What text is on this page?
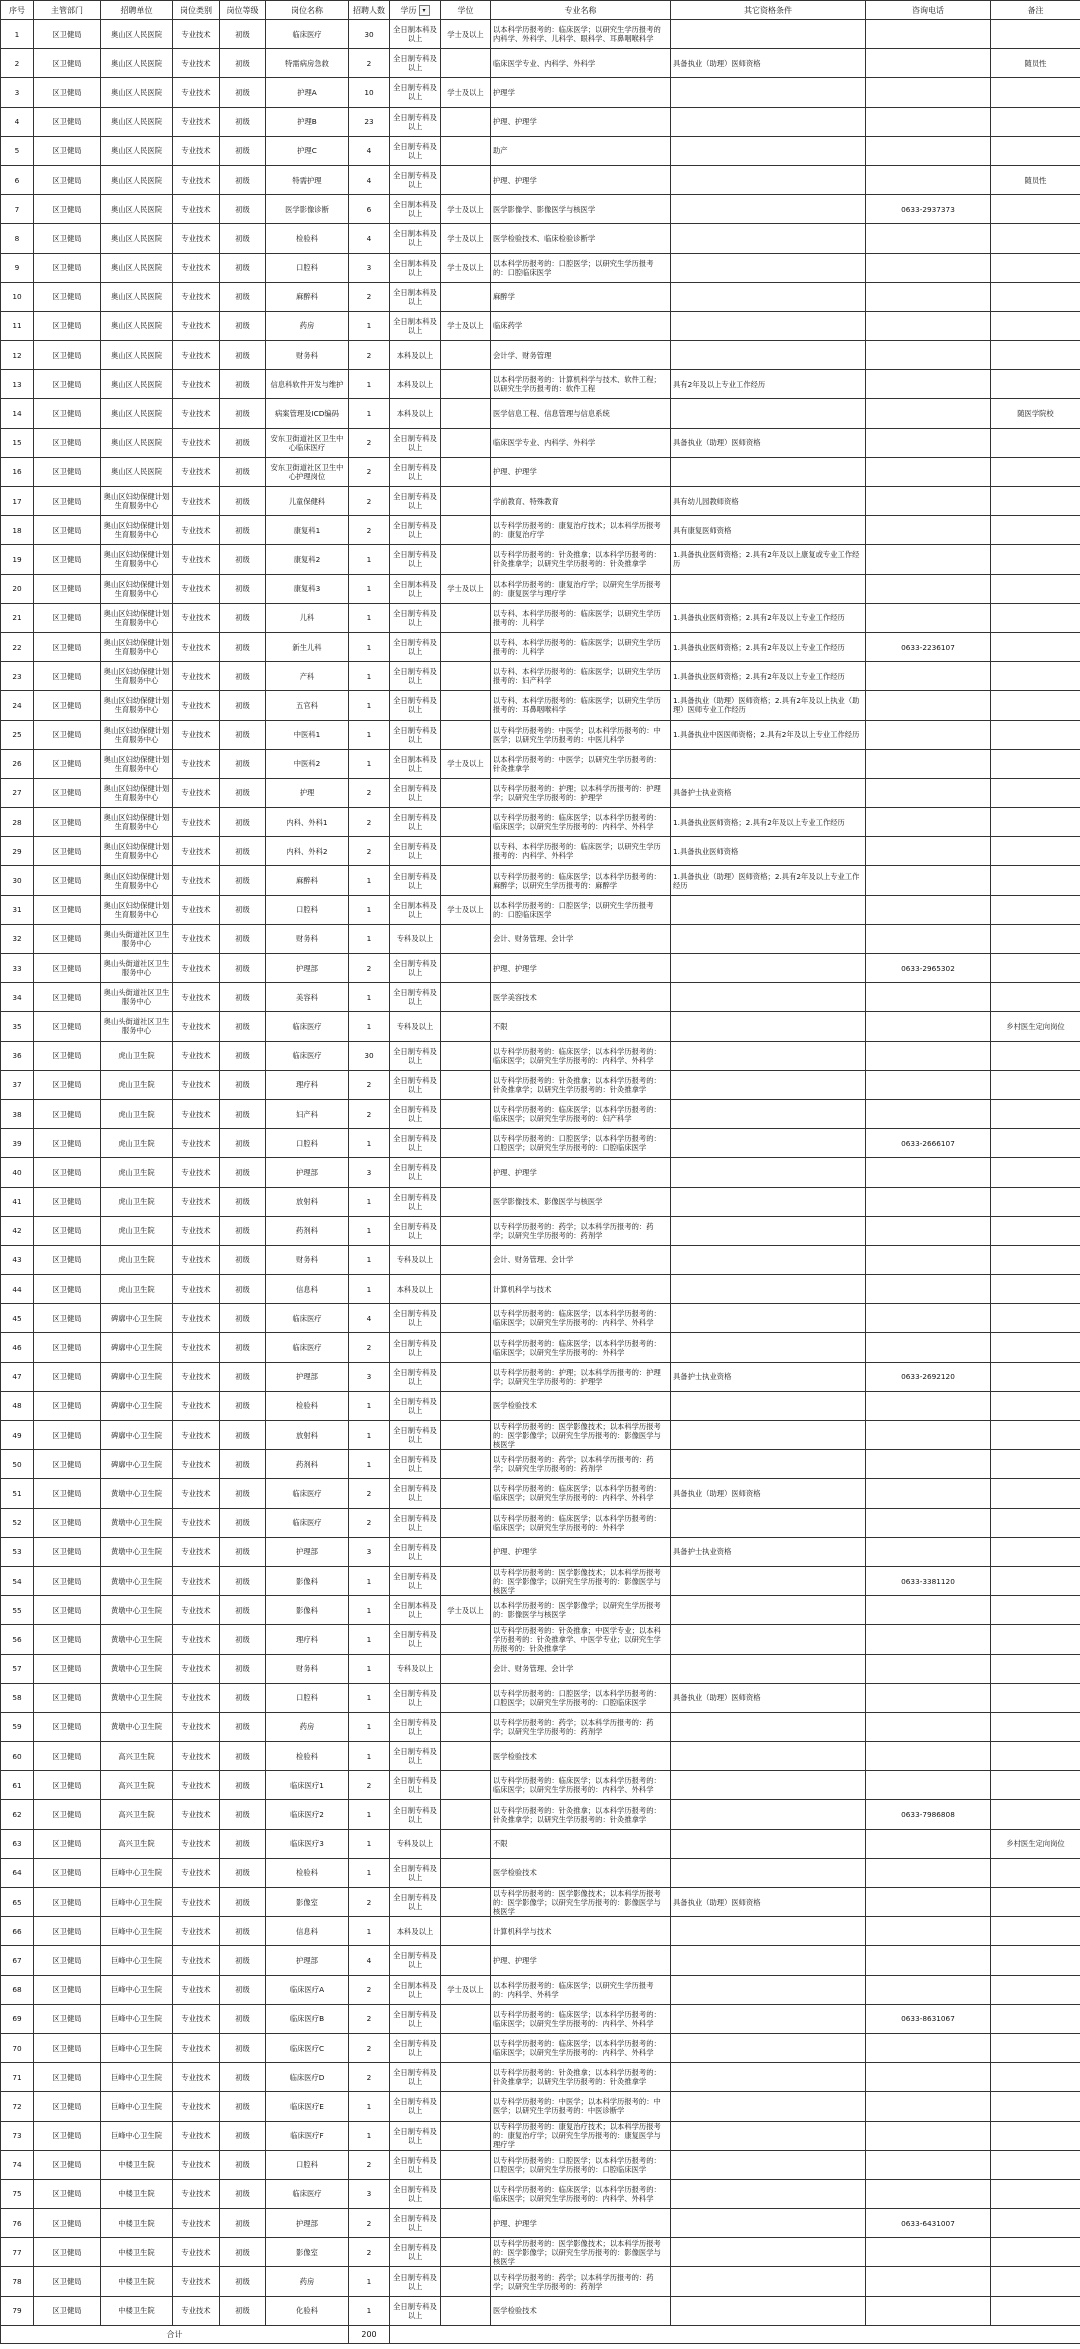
序号	主管部门	招聘单位	岗位类别	岗位等级	岗位名称	招聘人数	学历 ▾	学位	专业名称	其它资格条件	咨询电话	备注
1	区卫健局	奥山区人民医院	专业技术	初级	临床医疗	30	全日制本科及以上	学士及以上	以本科学历报考的：临床医学；以研究生学历报考的内科学、外科学、儿科学、眼科学、耳鼻咽喉科学			
2	区卫健局	奥山区人民医院	专业技术	初级	特需病房急救	2	全日制专科及以上		临床医学专业、内科学、外科学	具备执业（助理）医师资格		随员性
3	区卫健局	奥山区人民医院	专业技术	初级	护理A	10	全日制专科及以上	学士及以上	护理学			
4	区卫健局	奥山区人民医院	专业技术	初级	护理B	23	全日制专科及以上		护理、护理学			
5	区卫健局	奥山区人民医院	专业技术	初级	护理C	4	全日制专科及以上		助产			
6	区卫健局	奥山区人民医院	专业技术	初级	特需护理	4	全日制专科及以上		护理、护理学			随员性
7	区卫健局	奥山区人民医院	专业技术	初级	医学影像诊断	6	全日制本科及以上	学士及以上	医学影像学、影像医学与核医学		0633-2937373	
8	区卫健局	奥山区人民医院	专业技术	初级	检验科	4	全日制本科及以上	学士及以上	医学检验技术、临床检验诊断学			
9	区卫健局	奥山区人民医院	专业技术	初级	口腔科	3	全日制本科及以上	学士及以上	以本科学历报考的：口腔医学；以研究生学历报考的：口腔临床医学			
10	区卫健局	奥山区人民医院	专业技术	初级	麻醉科	2	全日制本科及以上		麻醉学			
11	区卫健局	奥山区人民医院	专业技术	初级	药房	1	全日制本科及以上	学士及以上	临床药学			
12	区卫健局	奥山区人民医院	专业技术	初级	财务科	2	本科及以上		会计学、财务管理			
13	区卫健局	奥山区人民医院	专业技术	初级	信息科软件开发与维护	1	本科及以上		以本科学历报考的：计算机科学与技术、软件工程；以研究生学历报考的：软件工程	具有2年及以上专业工作经历		
14	区卫健局	奥山区人民医院	专业技术	初级	病案管理及ICD编码	1	本科及以上		医学信息工程、信息管理与信息系统			随医学院校
15	区卫健局	奥山区人民医院	专业技术	初级	安东卫街道社区卫生中心临床医疗	2	全日制专科及以上		临床医学专业、内科学、外科学	具备执业（助理）医师资格		
16	区卫健局	奥山区人民医院	专业技术	初级	安东卫街道社区卫生中心护理岗位	2	全日制专科及以上		护理、护理学			
17	区卫健局	奥山区妇幼保健计划生育服务中心	专业技术	初级	儿童保健科	2	全日制专科及以上		学前教育、特殊教育	具有幼儿园教师资格		
18	区卫健局	奥山区妇幼保健计划生育服务中心	专业技术	初级	康复科1	2	全日制专科及以上		以专科学历报考的：康复治疗技术；以本科学历报考的：康复治疗学	具有康复医师资格		
19	区卫健局	奥山区妇幼保健计划生育服务中心	专业技术	初级	康复科2	1	全日制专科及以上		以专科学历报考的：针灸推拿；以本科学历报考的：针灸推拿学；以研究生学历报考的：针灸推拿学	1.具备执业医师资格；2.具有2年及以上康复或专业工作经历		
20	区卫健局	奥山区妇幼保健计划生育服务中心	专业技术	初级	康复科3	1	全日制本科及以上	学士及以上	以本科学历报考的：康复治疗学；以研究生学历报考的：康复医学与理疗学			
21	区卫健局	奥山区妇幼保健计划生育服务中心	专业技术	初级	儿科	1	全日制专科及以上		以专科、本科学历报考的：临床医学；以研究生学历报考的：儿科学	1.具备执业医师资格；2.具有2年及以上专业工作经历		
22	区卫健局	奥山区妇幼保健计划生育服务中心	专业技术	初级	新生儿科	1	全日制专科及以上		以专科、本科学历报考的：临床医学；以研究生学历报考的：儿科学	1.具备执业医师资格；2.具有2年及以上专业工作经历	0633-2236107	
23	区卫健局	奥山区妇幼保健计划生育服务中心	专业技术	初级	产科	1	全日制专科及以上		以专科、本科学历报考的：临床医学；以研究生学历报考的：妇产科学	1.具备执业医师资格；2.具有2年及以上专业工作经历		
24	区卫健局	奥山区妇幼保健计划生育服务中心	专业技术	初级	五官科	1	全日制专科及以上		以专科、本科学历报考的：临床医学；以研究生学历报考的：耳鼻咽喉科学	1.具备执业（助理）医师资格；2.具有2年及以上执业（助理）医师专业工作经历		
25	区卫健局	奥山区妇幼保健计划生育服务中心	专业技术	初级	中医科1	1	全日制专科及以上		以专科学历报考的：中医学；以本科学历报考的：中医学；以研究生学历报考的：中医儿科学	1.具备执业中医医师资格；2.具有2年及以上专业工作经历		
26	区卫健局	奥山区妇幼保健计划生育服务中心	专业技术	初级	中医科2	1	全日制本科及以上	学士及以上	以本科学历报考的：中医学；以研究生学历报考的：针灸推拿学			
27	区卫健局	奥山区妇幼保健计划生育服务中心	专业技术	初级	护理	2	全日制专科及以上		以专科学历报考的：护理；以本科学历报考的：护理学；以研究生学历报考的：护理学	具备护士执业资格		
28	区卫健局	奥山区妇幼保健计划生育服务中心	专业技术	初级	内科、外科1	2	全日制专科及以上		以专科学历报考的：临床医学；以本科学历报考的：临床医学；以研究生学历报考的：内科学、外科学	1.具备执业医师资格；2.具有2年及以上专业工作经历		
29	区卫健局	奥山区妇幼保健计划生育服务中心	专业技术	初级	内科、外科2	2	全日制专科及以上		以专科、本科学历报考的：临床医学；以研究生学历报考的：内科学、外科学	1.具备执业医师资格		
30	区卫健局	奥山区妇幼保健计划生育服务中心	专业技术	初级	麻醉科	1	全日制专科及以上		以专科学历报考的：临床医学；以本科学历报考的：麻醉学；以研究生学历报考的：麻醉学	1.具备执业（助理）医师资格；2.具有2年及以上专业工作经历		
31	区卫健局	奥山区妇幼保健计划生育服务中心	专业技术	初级	口腔科	1	全日制本科及以上	学士及以上	以本科学历报考的：口腔医学；以研究生学历报考的：口腔临床医学			
32	区卫健局	奥山头街道社区卫生服务中心	专业技术	初级	财务科	1	专科及以上		会计、财务管理、会计学			
33	区卫健局	奥山头街道社区卫生服务中心	专业技术	初级	护理部	2	全日制专科及以上		护理、护理学		0633-2965302	
34	区卫健局	奥山头街道社区卫生服务中心	专业技术	初级	美容科	1	全日制专科及以上		医学美容技术			
35	区卫健局	奥山头街道社区卫生服务中心	专业技术	初级	临床医疗	1	专科及以上		不限			乡村医生定向岗位
36	区卫健局	虎山卫生院	专业技术	初级	临床医疗	30	全日制专科及以上		以专科学历报考的：临床医学；以本科学历报考的：临床医学；以研究生学历报考的：内科学、外科学			
37	区卫健局	虎山卫生院	专业技术	初级	理疗科	2	全日制专科及以上		以专科学历报考的：针灸推拿；以本科学历报考的：针灸推拿学；以研究生学历报考的：针灸推拿学			
38	区卫健局	虎山卫生院	专业技术	初级	妇产科	2	全日制专科及以上		以专科学历报考的：临床医学；以本科学历报考的：临床医学；以研究生学历报考的：妇产科学			
39	区卫健局	虎山卫生院	专业技术	初级	口腔科	1	全日制专科及以上		以专科学历报考的：口腔医学；以本科学历报考的：口腔医学；以研究生学历报考的：口腔临床医学		0633-2666107	
40	区卫健局	虎山卫生院	专业技术	初级	护理部	3	全日制专科及以上		护理、护理学			
41	区卫健局	虎山卫生院	专业技术	初级	放射科	1	全日制专科及以上		医学影像技术、影像医学与核医学			
42	区卫健局	虎山卫生院	专业技术	初级	药剂科	1	全日制专科及以上		以专科学历报考的：药学；以本科学历报考的：药学；以研究生学历报考的：药剂学			
43	区卫健局	虎山卫生院	专业技术	初级	财务科	1	专科及以上		会计、财务管理、会计学			
44	区卫健局	虎山卫生院	专业技术	初级	信息科	1	本科及以上		计算机科学与技术			
45	区卫健局	碑廓中心卫生院	专业技术	初级	临床医疗	4	全日制专科及以上		以专科学历报考的：临床医学；以本科学历报考的：临床医学；以研究生学历报考的：内科学、外科学			
46	区卫健局	碑廓中心卫生院	专业技术	初级	临床医疗	2	全日制专科及以上		以专科学历报考的：临床医学；以本科学历报考的：临床医学；以研究生学历报考的：外科学			
47	区卫健局	碑廓中心卫生院	专业技术	初级	护理部	3	全日制专科及以上		以专科学历报考的：护理；以本科学历报考的：护理学；以研究生学历报考的：护理学	具备护士执业资格	0633-2692120	
48	区卫健局	碑廓中心卫生院	专业技术	初级	检验科	1	全日制专科及以上		医学检验技术			
49	区卫健局	碑廓中心卫生院	专业技术	初级	放射科	1	全日制专科及以上		以专科学历报考的：医学影像技术；以本科学历报考的：医学影像学；以研究生学历报考的：影像医学与核医学			
50	区卫健局	碑廓中心卫生院	专业技术	初级	药剂科	1	全日制专科及以上		以专科学历报考的：药学；以本科学历报考的：药学；以研究生学历报考的：药剂学			
51	区卫健局	黄墩中心卫生院	专业技术	初级	临床医疗	2	全日制专科及以上		以专科学历报考的：临床医学；以本科学历报考的：临床医学；以研究生学历报考的：内科学、外科学	具备执业（助理）医师资格		
52	区卫健局	黄墩中心卫生院	专业技术	初级	临床医疗	2	全日制专科及以上		以专科学历报考的：临床医学；以本科学历报考的：临床医学；以研究生学历报考的：外科学			
53	区卫健局	黄墩中心卫生院	专业技术	初级	护理部	3	全日制专科及以上		护理、护理学	具备护士执业资格		
54	区卫健局	黄墩中心卫生院	专业技术	初级	影像科	1	全日制专科及以上		以专科学历报考的：医学影像技术；以本科学历报考的：医学影像学；以研究生学历报考的：影像医学与核医学		0633-3381120	
55	区卫健局	黄墩中心卫生院	专业技术	初级	影像科	1	全日制本科及以上	学士及以上	以本科学历报考的：医学影像学；以研究生学历报考的：影像医学与核医学			
56	区卫健局	黄墩中心卫生院	专业技术	初级	理疗科	1	全日制专科及以上		以专科学历报考的：针灸推拿；中医学专业；以本科学历报考的：针灸推拿学、中医学专业；以研究生学历报考的：针灸推拿学			
57	区卫健局	黄墩中心卫生院	专业技术	初级	财务科	1	专科及以上		会计、财务管理、会计学			
58	区卫健局	黄墩中心卫生院	专业技术	初级	口腔科	1	全日制专科及以上		以专科学历报考的：口腔医学；以本科学历报考的：口腔医学；以研究生学历报考的：口腔临床医学	具备执业（助理）医师资格		
59	区卫健局	黄墩中心卫生院	专业技术	初级	药房	1	全日制专科及以上		以专科学历报考的：药学；以本科学历报考的：药学；以研究生学历报考的：药剂学			
60	区卫健局	高兴卫生院	专业技术	初级	检验科	1	全日制专科及以上		医学检验技术			
61	区卫健局	高兴卫生院	专业技术	初级	临床医疗1	2	全日制专科及以上		以专科学历报考的：临床医学；以本科学历报考的：临床医学；以研究生学历报考的：内科学、外科学			
62	区卫健局	高兴卫生院	专业技术	初级	临床医疗2	1	全日制专科及以上		以专科学历报考的：针灸推拿；以本科学历报考的：针灸推拿学；以研究生学历报考的：针灸推拿学		0633-7986808	
63	区卫健局	高兴卫生院	专业技术	初级	临床医疗3	1	专科及以上		不限			乡村医生定向岗位
64	区卫健局	巨峰中心卫生院	专业技术	初级	检验科	1	全日制专科及以上		医学检验技术			
65	区卫健局	巨峰中心卫生院	专业技术	初级	影像室	2	全日制专科及以上		以专科学历报考的：医学影像技术；以本科学历报考的：医学影像学；以研究生学历报考的：影像医学与核医学	具备执业（助理）医师资格		
66	区卫健局	巨峰中心卫生院	专业技术	初级	信息科	1	本科及以上		计算机科学与技术			
67	区卫健局	巨峰中心卫生院	专业技术	初级	护理部	4	全日制专科及以上		护理、护理学			
68	区卫健局	巨峰中心卫生院	专业技术	初级	临床医疗A	2	全日制本科及以上	学士及以上	以本科学历报考的：临床医学；以研究生学历报考的：内科学、外科学			
69	区卫健局	巨峰中心卫生院	专业技术	初级	临床医疗B	2	全日制专科及以上		以专科学历报考的：临床医学；以本科学历报考的：临床医学；以研究生学历报考的：内科学、外科学		0633-8631067	
70	区卫健局	巨峰中心卫生院	专业技术	初级	临床医疗C	2	全日制专科及以上		以专科学历报考的：临床医学；以本科学历报考的：临床医学；以研究生学历报考的：内科学、外科学			
71	区卫健局	巨峰中心卫生院	专业技术	初级	临床医疗D	2	全日制专科及以上		以专科学历报考的：针灸推拿；以本科学历报考的：针灸推拿学；以研究生学历报考的：针灸推拿学			
72	区卫健局	巨峰中心卫生院	专业技术	初级	临床医疗E	1	全日制专科及以上		以专科学历报考的：中医学；以本科学历报考的：中医学；以研究生学历报考的：中医诊断学			
73	区卫健局	巨峰中心卫生院	专业技术	初级	临床医疗F	1	全日制专科及以上		以专科学历报考的：康复治疗技术；以本科学历报考的：康复治疗学；以研究生学历报考的：康复医学与理疗学			
74	区卫健局	中楼卫生院	专业技术	初级	口腔科	2	全日制专科及以上		以专科学历报考的：口腔医学；以本科学历报考的：口腔医学；以研究生学历报考的：口腔临床医学			
75	区卫健局	中楼卫生院	专业技术	初级	临床医疗	3	全日制专科及以上		以专科学历报考的：临床医学；以本科学历报考的：临床医学；以研究生学历报考的：内科学、外科学			
76	区卫健局	中楼卫生院	专业技术	初级	护理部	2	全日制专科及以上		护理、护理学		0633-6431007	
77	区卫健局	中楼卫生院	专业技术	初级	影像室	2	全日制专科及以上		以专科学历报考的：医学影像技术；以本科学历报考的：医学影像学；以研究生学历报考的：影像医学与核医学			
78	区卫健局	中楼卫生院	专业技术	初级	药房	1	全日制专科及以上		以专科学历报考的：药学；以本科学历报考的：药学；以研究生学历报考的：药剂学			
79	区卫健局	中楼卫生院	专业技术	初级	化验科	1	全日制专科及以上		医学检验技术			
合计						200						
